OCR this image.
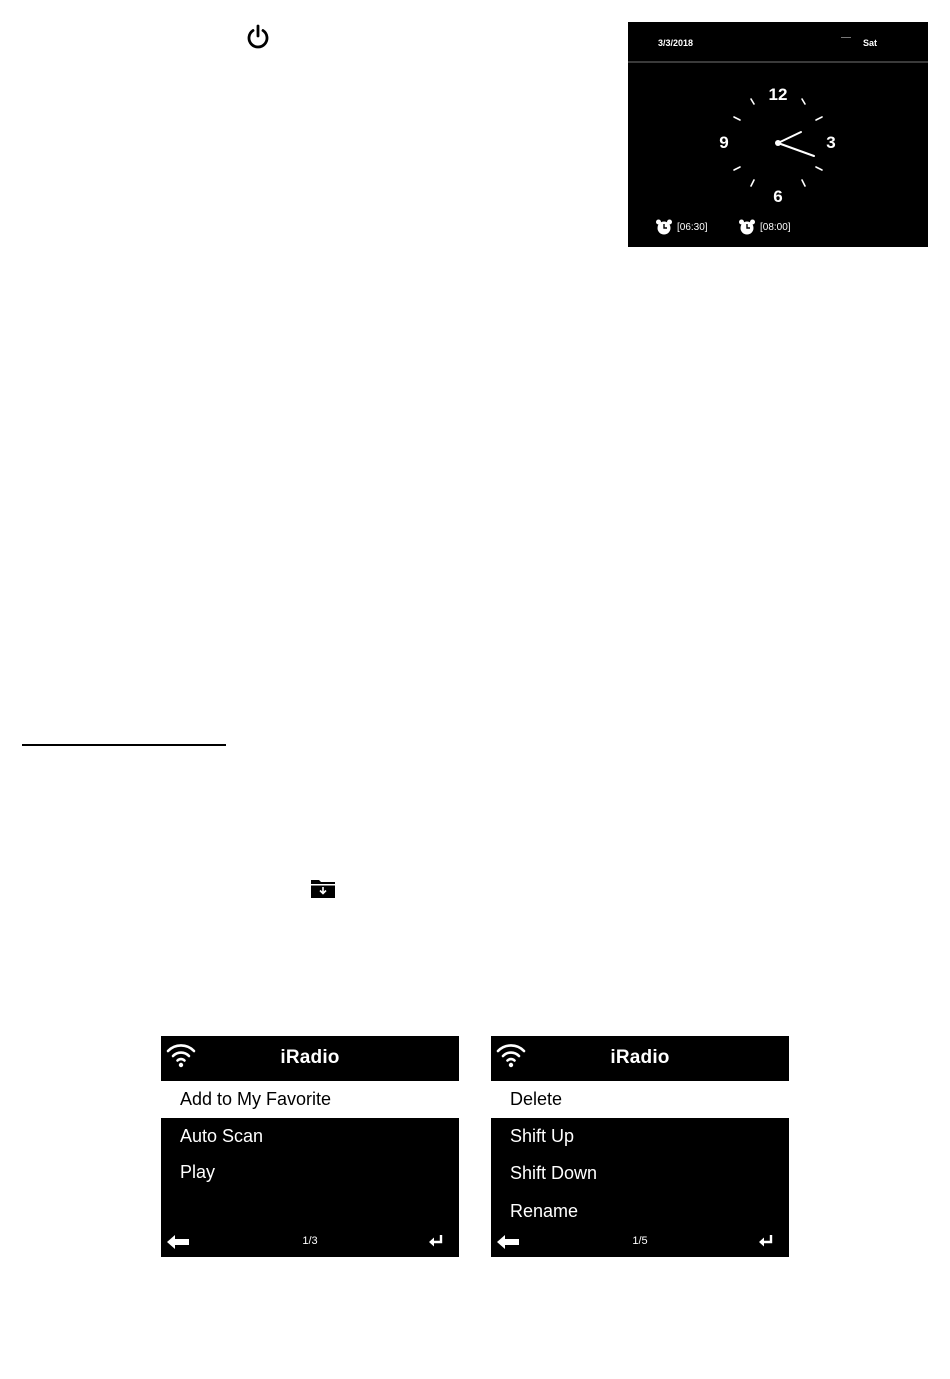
3/3/2018	Sat
12
3
6
9
[06:30]	[08:00]
iRadio
Add to My Favorite
Auto Scan
Play
1/3
iRadio
Delete
Shift Up
Shift Down
Rename
1/5
